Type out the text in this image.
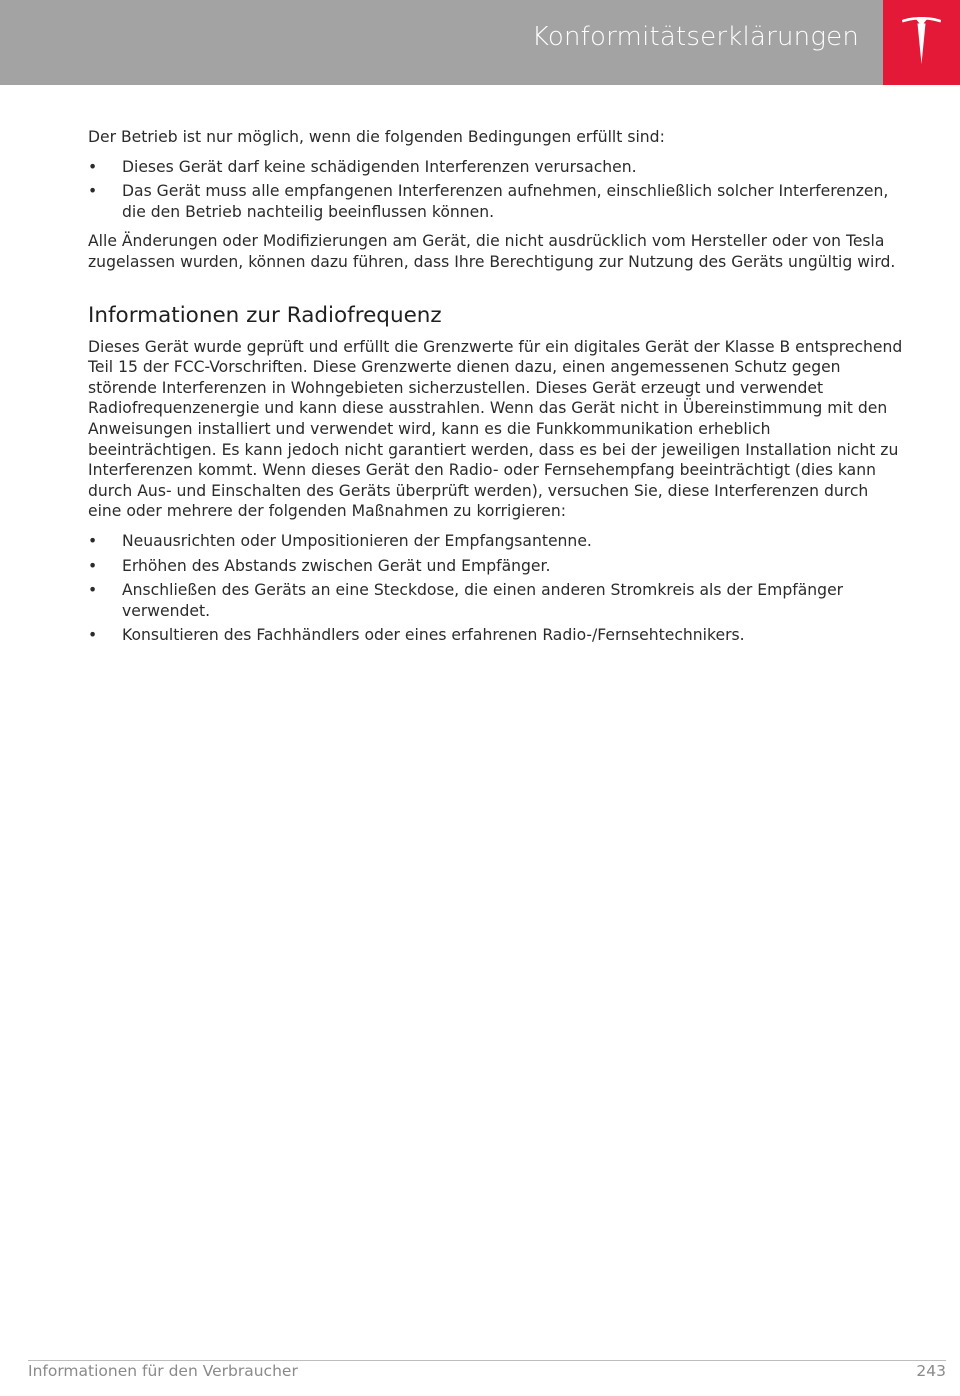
Konformitätserklärungen

Der Betrieb ist nur möglich, wenn die folgenden Bedingungen erfüllt sind:

•	Dieses Gerät darf keine schädigenden Interferenzen verursachen.
•	Das Gerät muss alle empfangenen Interferenzen aufnehmen, einschließlich solcher Interferenzen, die den Betrieb nachteilig beeinflussen können.

Alle Änderungen oder Modifizierungen am Gerät, die nicht ausdrücklich vom Hersteller oder von Tesla zugelassen wurden, können dazu führen, dass Ihre Berechtigung zur Nutzung des Geräts ungültig wird.

Informationen zur Radiofrequenz

Dieses Gerät wurde geprüft und erfüllt die Grenzwerte für ein digitales Gerät der Klasse B entsprechend Teil 15 der FCC-Vorschriften. Diese Grenzwerte dienen dazu, einen angemessenen Schutz gegen störende Interferenzen in Wohngebieten sicherzustellen. Dieses Gerät erzeugt und verwendet Radiofrequenzenergie und kann diese ausstrahlen. Wenn das Gerät nicht in Übereinstimmung mit den Anweisungen installiert und verwendet wird, kann es die Funkkommunikation erheblich beeinträchtigen. Es kann jedoch nicht garantiert werden, dass es bei der jeweiligen Installation nicht zu Interferenzen kommt. Wenn dieses Gerät den Radio- oder Fernsehempfang beeinträchtigt (dies kann durch Aus- und Einschalten des Geräts überprüft werden), versuchen Sie, diese Interferenzen durch eine oder mehrere der folgenden Maßnahmen zu korrigieren:

•	Neuausrichten oder Umpositionieren der Empfangsantenne.
•	Erhöhen des Abstands zwischen Gerät und Empfänger.
•	Anschließen des Geräts an eine Steckdose, die einen anderen Stromkreis als der Empfänger verwendet.
•	Konsultieren des Fachhändlers oder eines erfahrenen Radio-/Fernsehtechnikers.
Informationen für den Verbraucher	243
